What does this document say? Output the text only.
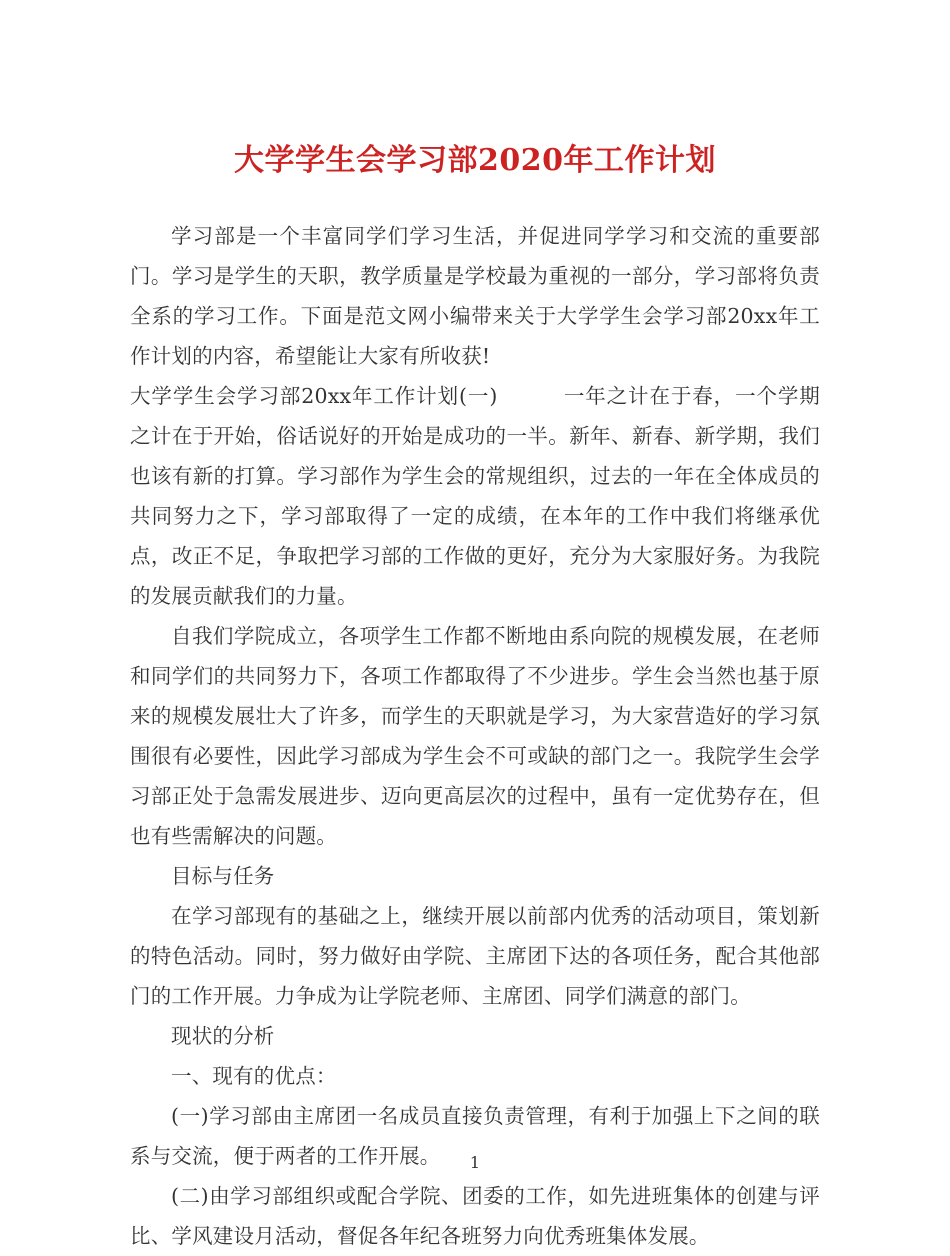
大学学生会学习部2020年工作计划

学习部是一个丰富同学们学习生活，并促进同学学习和交流的重要部门。学习是学生的天职，教学质量是学校最为重视的一部分，学习部将负责全系的学习工作。下面是范文网小编带来关于大学学生会学习部20xx年工作计划的内容，希望能让大家有所收获!

大学学生会学习部20xx年工作计划(一)	一年之计在于春，一个学期之计在于开始，俗话说好的开始是成功的一半。新年、新春、新学期，我们也该有新的打算。学习部作为学生会的常规组织，过去的一年在全体成员的共同努力之下，学习部取得了一定的成绩，在本年的工作中我们将继承优点，改正不足，争取把学习部的工作做的更好，充分为大家服好务。为我院的发展贡献我们的力量。

自我们学院成立，各项学生工作都不断地由系向院的规模发展，在老师和同学们的共同努力下，各项工作都取得了不少进步。学生会当然也基于原来的规模发展壮大了许多，而学生的天职就是学习，为大家营造好的学习氛围很有必要性，因此学习部成为学生会不可或缺的部门之一。我院学生会学习部正处于急需发展进步、迈向更高层次的过程中，虽有一定优势存在，但也有些需解决的问题。

目标与任务

在学习部现有的基础之上，继续开展以前部内优秀的活动项目，策划新的特色活动。同时，努力做好由学院、主席团下达的各项任务，配合其他部门的工作开展。力争成为让学院老师、主席团、同学们满意的部门。

现状的分析

一、现有的优点：

(一)学习部由主席团一名成员直接负责管理，有利于加强上下之间的联系与交流，便于两者的工作开展。

(二)由学习部组织或配合学院、团委的工作，如先进班集体的创建与评比、学风建设月活动，督促各年纪各班努力向优秀班集体发展。

1
